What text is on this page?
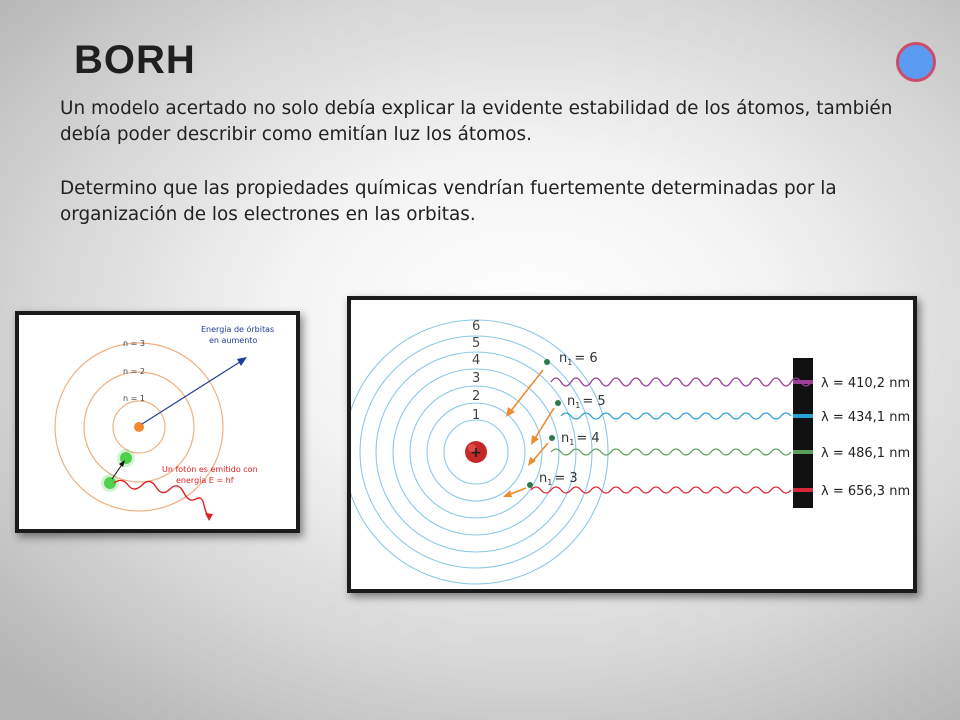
BORH

Un modelo acertado no solo debía explicar la evidente estabilidad de los átomos, también debía poder describir como emitían luz los átomos.

Determino que las propiedades químicas vendrían fuertemente determinadas por la organización de los electrones en las orbitas.

n = 3
n = 2
n = 1
Energía de órbitas
en aumento
Un fotón es emitido con
energía E = hf
6
5
4
3
2
1
+
$n_1 = 6$
$n_1 = 5$
$n_1 = 4$
$n_1 = 3$
λ = 410,2 nm
λ = 434,1 nm
λ = 486,1 nm
λ = 656,3 nm
